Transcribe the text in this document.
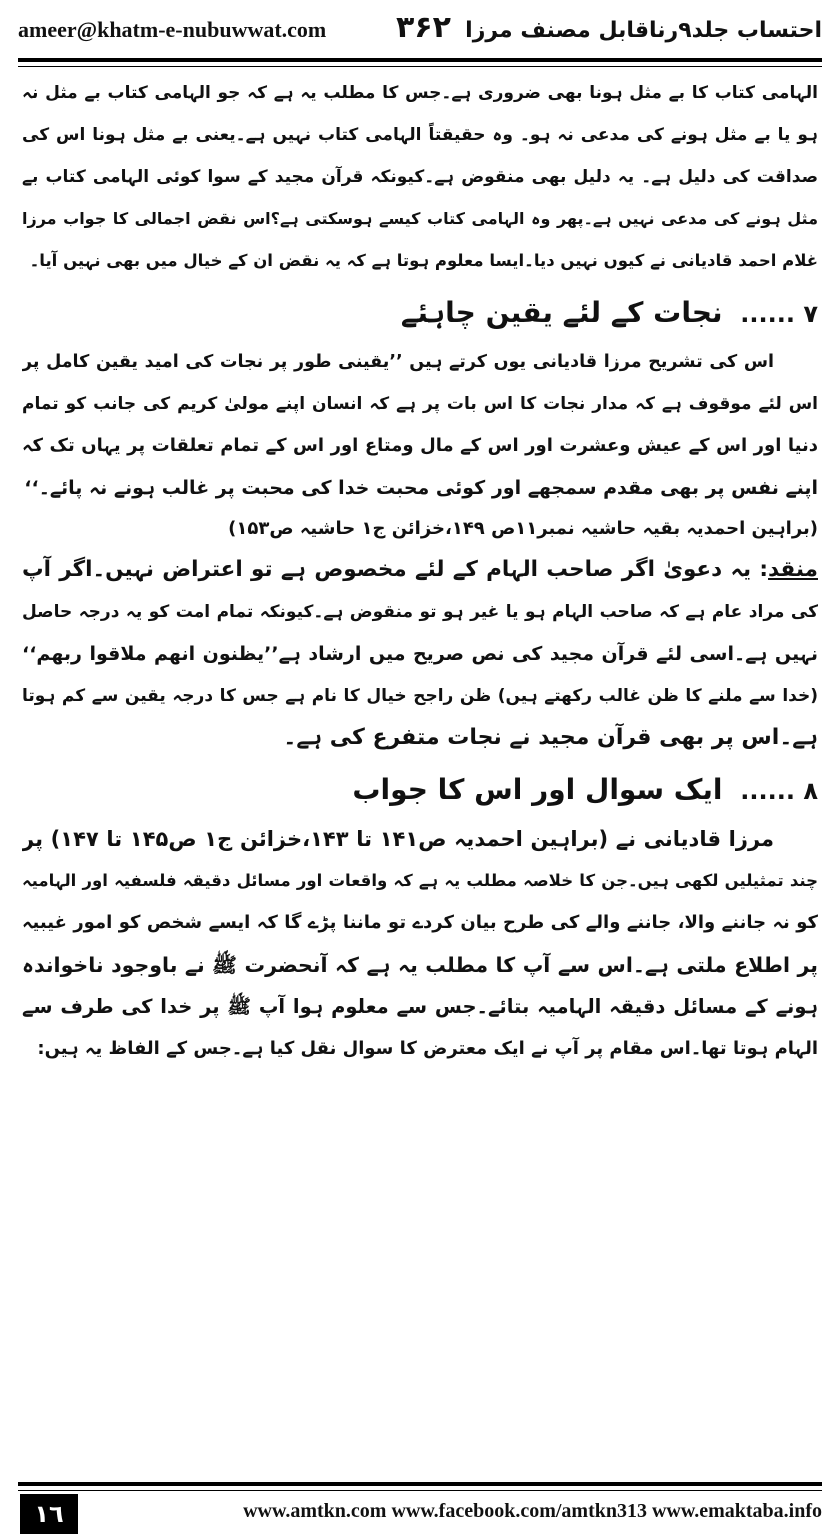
ameer@khatm-e-nubuwwat.com ۳۶۲ احتساب جلد۹رناقابل مصنف مرزا
الہامی کتاب کا بے مثل ہونا بھی ضروری ہے۔جس کا مطلب یہ ہے کہ جو الہامی کتاب بے مثل نہ
ہو یا بے مثل ہونے کی مدعی نہ ہو۔ وہ حقیقتاً الہامی کتاب نہیں ہے۔یعنی بے مثل ہونا اس کی
صداقت کی دلیل ہے۔ یہ دلیل بھی منقوض ہے۔کیونکہ قرآن مجید کے سوا کوئی الہامی کتاب بے
مثل ہونے کی مدعی نہیں ہے۔پھر وہ الہامی کتاب کیسے ہوسکتی ہے؟اس نقض اجمالی کا جواب مرزا
غلام احمد قادیانی نے کیوں نہیں دیا۔ایسا معلوم ہوتا ہے کہ یہ نقض ان کے خیال میں بھی نہیں آیا۔
۷ ...... نجات کے لئے یقین چاہئے
اس کی تشریح مرزا قادیانی یوں کرتے ہیں ’’یقینی طور پر نجات کی امید یقین کامل پر
اس لئے موقوف ہے کہ مدار نجات کا اس بات پر ہے کہ انسان اپنے مولیٰ کریم کی جانب کو تمام
دنیا اور اس کے عیش وعشرت اور اس کے مال ومتاع اور اس کے تمام تعلقات پر یہاں تک کہ
اپنے نفس پر بھی مقدم سمجھے اور کوئی محبت خدا کی محبت پر غالب ہونے نہ پائے۔‘‘
(براہین احمدیہ بقیہ حاشیہ نمبر۱۱ص ۱۴۹،خزائن ج۱ حاشیہ ص۱۵۳)
منقد: یہ دعویٰ اگر صاحب الہام کے لئے مخصوص ہے تو اعتراض نہیں۔اگر آپ
کی مراد عام ہے کہ صاحب الہام ہو یا غیر ہو تو منقوض ہے۔کیونکہ تمام امت کو یہ درجہ حاصل
نہیں ہے۔اسی لئے قرآن مجید کی نص صریح میں ارشاد ہے’’یظنون انهم ملاقوا ربهم‘‘
(خدا سے ملنے کا ظن غالب رکھتے ہیں) ظن راجح خیال کا نام ہے جس کا درجہ یقین سے کم ہوتا
ہے۔اس پر بھی قرآن مجید نے نجات متفرع کی ہے۔
۸ ...... ایک سوال اور اس کا جواب
مرزا قادیانی نے (براہین احمدیہ ص۱۴۱ تا ۱۴۳،خزائن ج۱ ص۱۴۵ تا ۱۴۷) پر
چند تمثیلیں لکھی ہیں۔جن کا خلاصہ مطلب یہ ہے کہ واقعات اور مسائل دقیقہ فلسفیہ اور الہامیہ
کو نہ جاننے والا، جاننے والے کی طرح بیان کردے تو ماننا پڑے گا کہ ایسے شخص کو امور غیبیہ
پر اطلاع ملتی ہے۔اس سے آپ کا مطلب یہ ہے کہ آنحضرت ﷺ نے باوجود ناخواندہ
ہونے کے مسائل دقیقہ الہامیہ بتائے۔جس سے معلوم ہوا آپ ﷺ پر خدا کی طرف سے
الہام ہوتا تھا۔اس مقام پر آپ نے ایک معترض کا سوال نقل کیا ہے۔جس کے الفاظ یہ ہیں:
١٦	www.amtkn.com www.facebook.com/amtkn313 www.emaktaba.info
